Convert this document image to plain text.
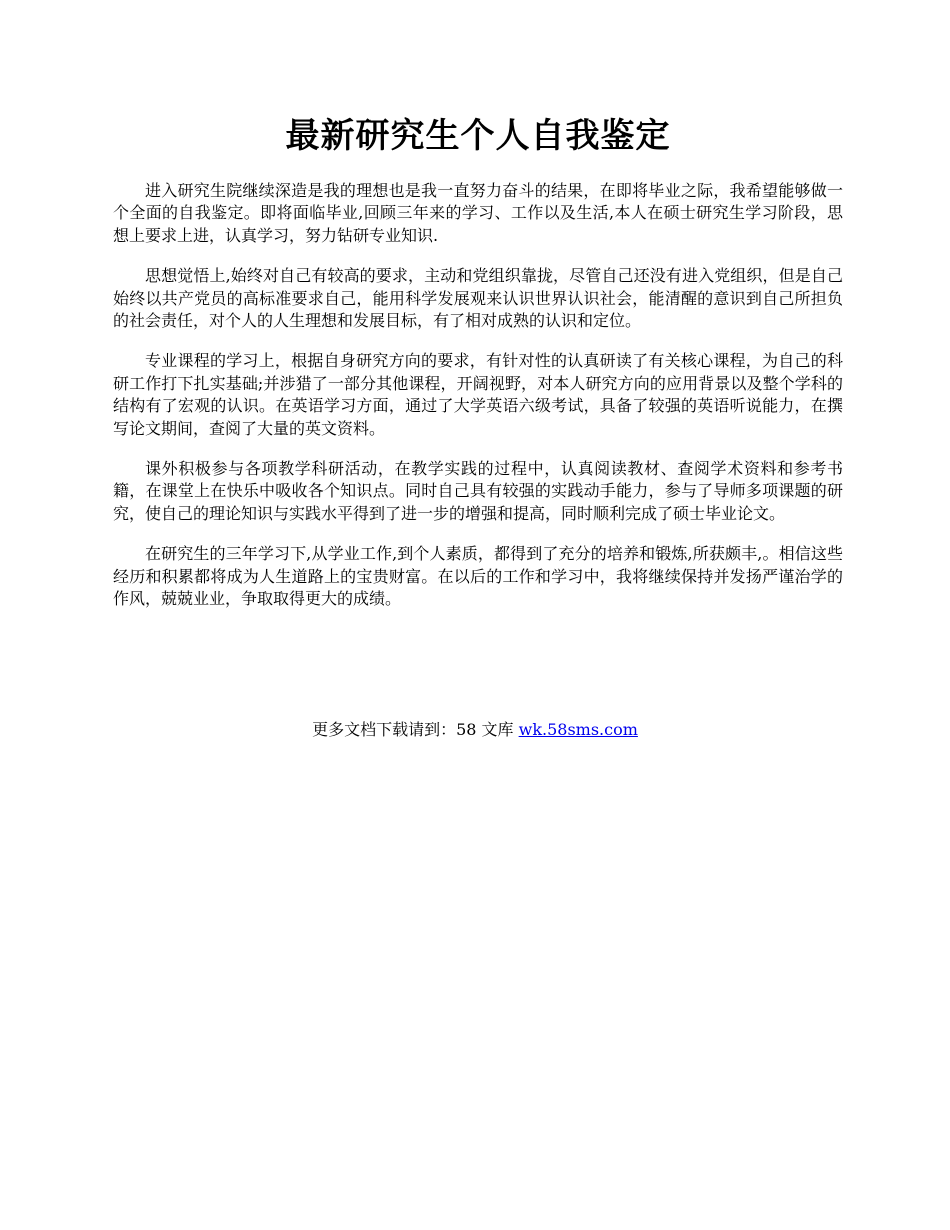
最新研究生个人自我鉴定

进入研究生院继续深造是我的理想也是我一直努力奋斗的结果，在即将毕业之际，我希望能够做一个全面的自我鉴定。即将面临毕业,回顾三年来的学习、工作以及生活,本人在硕士研究生学习阶段，思想上要求上进，认真学习，努力钻研专业知识.

思想觉悟上,始终对自己有较高的要求，主动和党组织靠拢，尽管自己还没有进入党组织，但是自己始终以共产党员的高标准要求自己，能用科学发展观来认识世界认识社会，能清醒的意识到自己所担负的社会责任，对个人的人生理想和发展目标，有了相对成熟的认识和定位。

专业课程的学习上，根据自身研究方向的要求，有针对性的认真研读了有关核心课程，为自己的科研工作打下扎实基础;并涉猎了一部分其他课程，开阔视野，对本人研究方向的应用背景以及整个学科的结构有了宏观的认识。在英语学习方面，通过了大学英语六级考试，具备了较强的英语听说能力，在撰写论文期间，查阅了大量的英文资料。

课外积极参与各项教学科研活动，在教学实践的过程中，认真阅读教材、查阅学术资料和参考书籍，在课堂上在快乐中吸收各个知识点。同时自己具有较强的实践动手能力，参与了导师多项课题的研究，使自己的理论知识与实践水平得到了进一步的增强和提高，同时顺利完成了硕士毕业论文。

在研究生的三年学习下,从学业工作,到个人素质，都得到了充分的培养和锻炼,所获颇丰,。相信这些经历和积累都将成为人生道路上的宝贵财富。在以后的工作和学习中，我将继续保持并发扬严谨治学的作风，兢兢业业，争取取得更大的成绩。

更多文档下载请到：58 文库 wk.58sms.com
